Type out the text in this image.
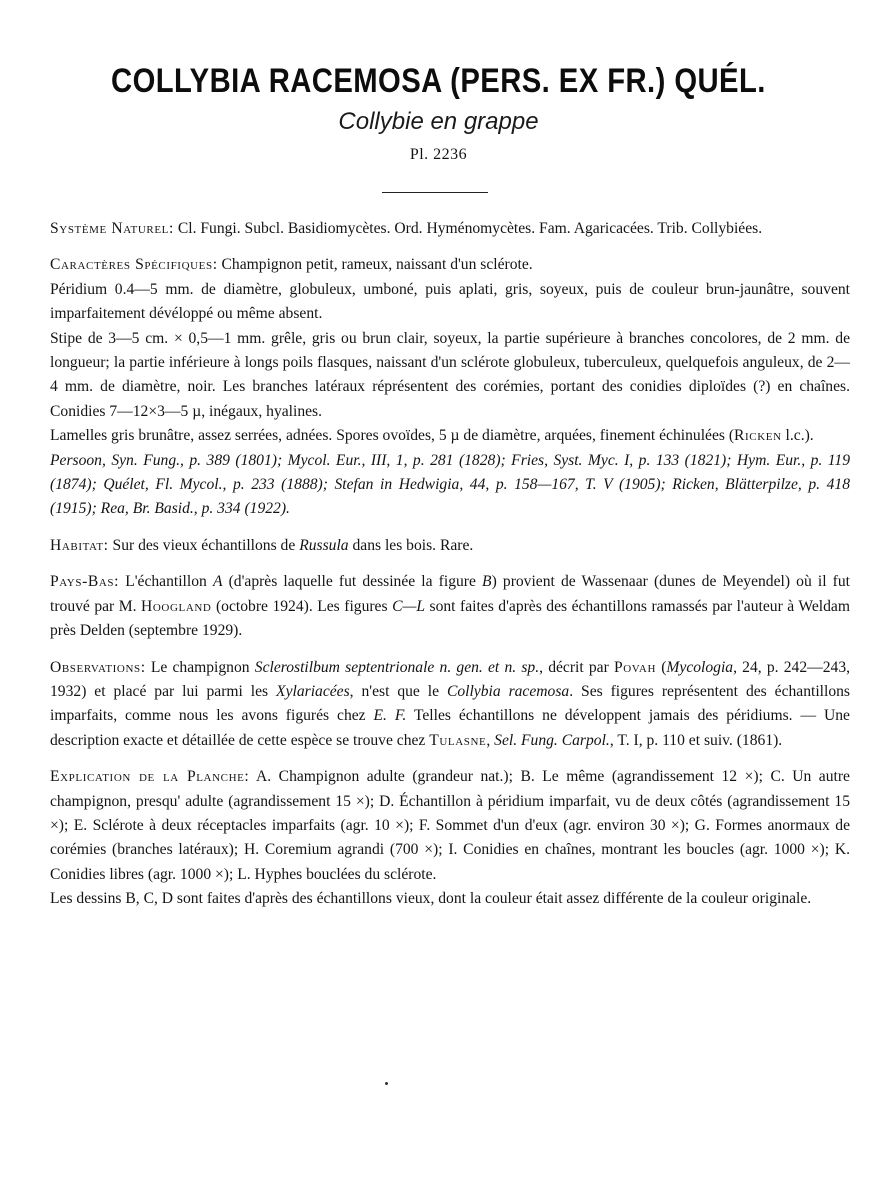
COLLYBIA RACEMOSA (PERS. EX FR.) QUÉL.
Collybie en grappe
Pl. 2236

Système Naturel: Cl. Fungi. Subcl. Basidiomycètes. Ord. Hyménomycètes. Fam. Agaricacées. Trib. Collybiées.

Caractères Spécifiques: Champignon petit, rameux, naissant d'un sclérote.

Péridium 0.4—5 mm. de diamètre, globuleux, umboné, puis aplati, gris, soyeux, puis de couleur brun-jaunâtre, souvent imparfaitement dévéloppé ou même absent.

Stipe de 3—5 cm. × 0,5—1 mm. grêle, gris ou brun clair, soyeux, la partie supérieure à branches concolores, de 2 mm. de longueur; la partie inférieure à longs poils flasques, naissant d'un sclérote globuleux, tuberculeux, quelquefois anguleux, de 2—4 mm. de diamètre, noir. Les branches latéraux réprésentent des corémies, portant des conidies diploïdes (?) en chaînes. Conidies 7—12×3—5 µ, inégaux, hyalines.

Lamelles gris brunâtre, assez serrées, adnées. Spores ovoïdes, 5 µ de diamètre, arquées, finement échinulées (Ricken l.c.).

Persoon, Syn. Fung., p. 389 (1801); Mycol. Eur., III, 1, p. 281 (1828); Fries, Syst. Myc. I, p. 133 (1821); Hym. Eur., p. 119 (1874); Quélet, Fl. Mycol., p. 233 (1888); Stefan in Hedwigia, 44, p. 158—167, T. V (1905); Ricken, Blätterpilze, p. 418 (1915); Rea, Br. Basid., p. 334 (1922).

Habitat: Sur des vieux échantillons de Russula dans les bois. Rare.

Pays-Bas: L'échantillon A (d'après laquelle fut dessinée la figure B) provient de Wassenaar (dunes de Meyendel) où il fut trouvé par M. Hoogland (octobre 1924). Les figures C—L sont faites d'après des échantillons ramassés par l'auteur à Weldam près Delden (septembre 1929).

Observations: Le champignon Sclerostilbum septentrionale n. gen. et n. sp., décrit par Povah (Mycologia, 24, p. 242—243, 1932) et placé par lui parmi les Xylariacées, n'est que le Collybia racemosa. Ses figures représentent des échantillons imparfaits, comme nous les avons figurés chez E. F. Telles échantillons ne développent jamais des péridiums. — Une description exacte et détaillée de cette espèce se trouve chez Tulasne, Sel. Fung. Carpol., T. I, p. 110 et suiv. (1861).

Explication de la Planche: A. Champignon adulte (grandeur nat.); B. Le même (agrandissement 12 ×); C. Un autre champignon, presqu' adulte (agrandissement 15 ×); D. Échantillon à péridium imparfait, vu de deux côtés (agrandissement 15 ×); E. Sclérote à deux réceptacles imparfaits (agr. 10 ×); F. Sommet d'un d'eux (agr. environ 30 ×); G. Formes anormaux de corémies (branches latéraux); H. Coremium agrandi (700 ×); I. Conidies en chaînes, montrant les boucles (agr. 1000 ×); K. Conidies libres (agr. 1000 ×); L. Hyphes bouclées du sclérote.

Les dessins B, C, D sont faites d'après des échantillons vieux, dont la couleur était assez différente de la couleur originale.
